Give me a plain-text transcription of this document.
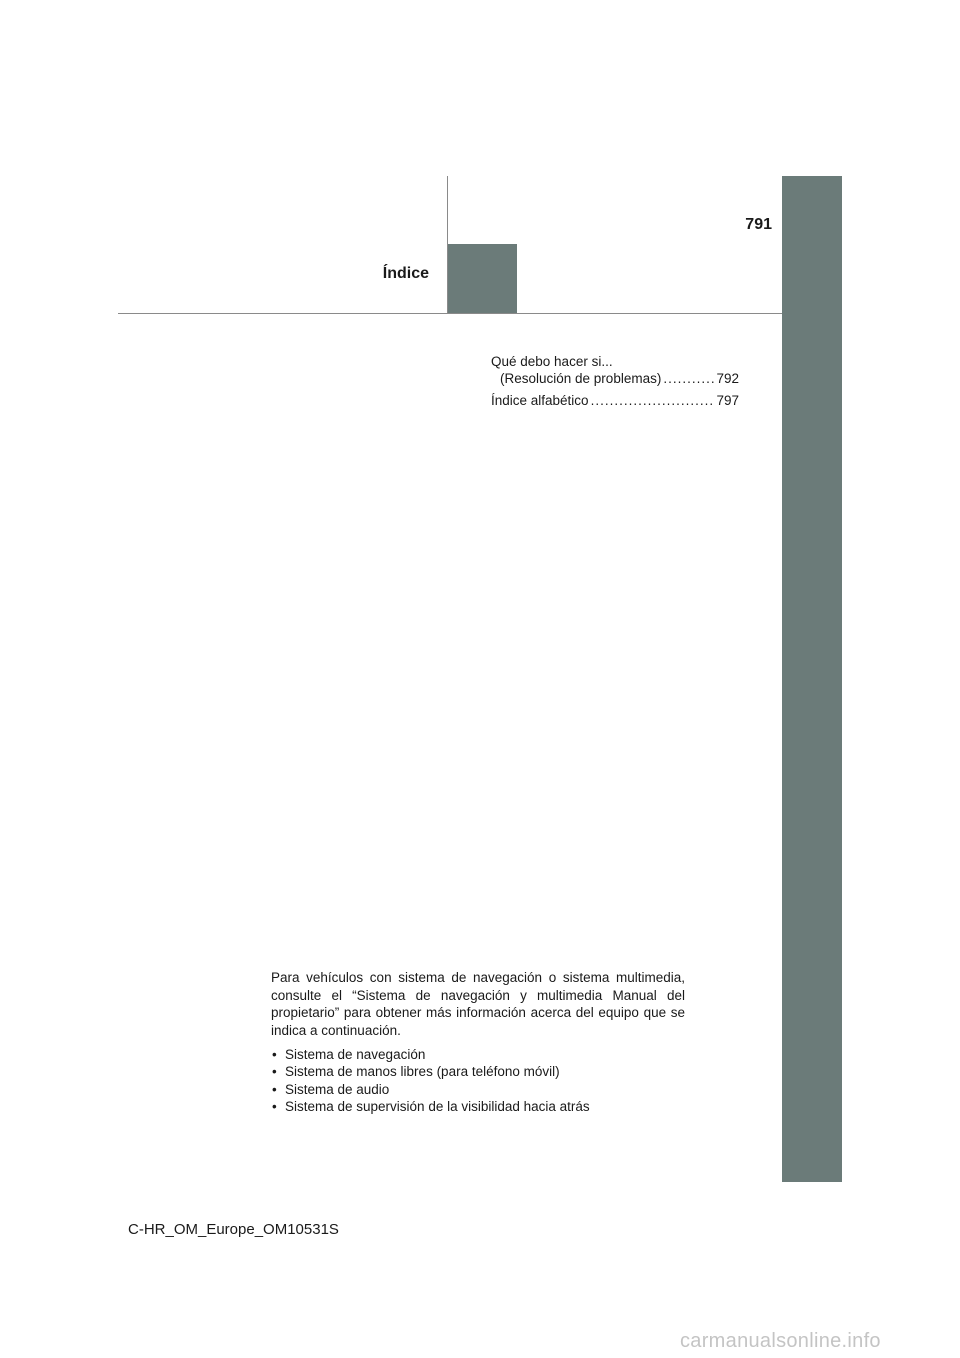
791
Índice
Qué debo hacer si...
(Resolución de problemas) .....	792
Índice alfabético .....	797

Para vehículos con sistema de navegación o sistema multimedia, consulte el “Sistema de navegación y multimedia Manual del propietario” para obtener más información acerca del equipo que se indica a continuación.

• Sistema de navegación
• Sistema de manos libres (para teléfono móvil)
• Sistema de audio
• Sistema de supervisión de la visibilidad hacia atrás
C-HR_OM_Europe_OM10531S
carmanualsonline.info
